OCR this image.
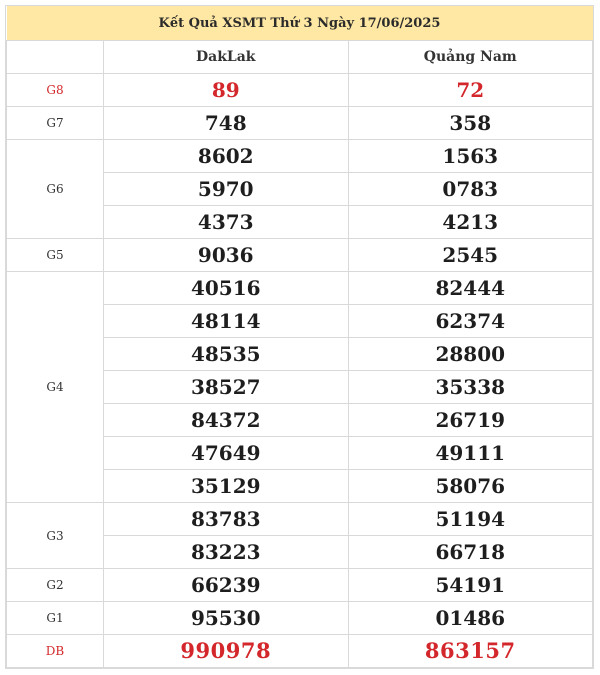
Kết Quả XSMT Thứ 3 Ngày 17/06/2025		
	DakLak	Quảng Nam
G8	89	72
G7	748	358
G6	8602	1563
	5970	0783
	4373	4213
G5	9036	2545
G4	40516	82444
	48114	62374
	48535	28800
	38527	35338
	84372	26719
	47649	49111
	35129	58076
G3	83783	51194
	83223	66718
G2	66239	54191
G1	95530	01486
DB	990978	863157
